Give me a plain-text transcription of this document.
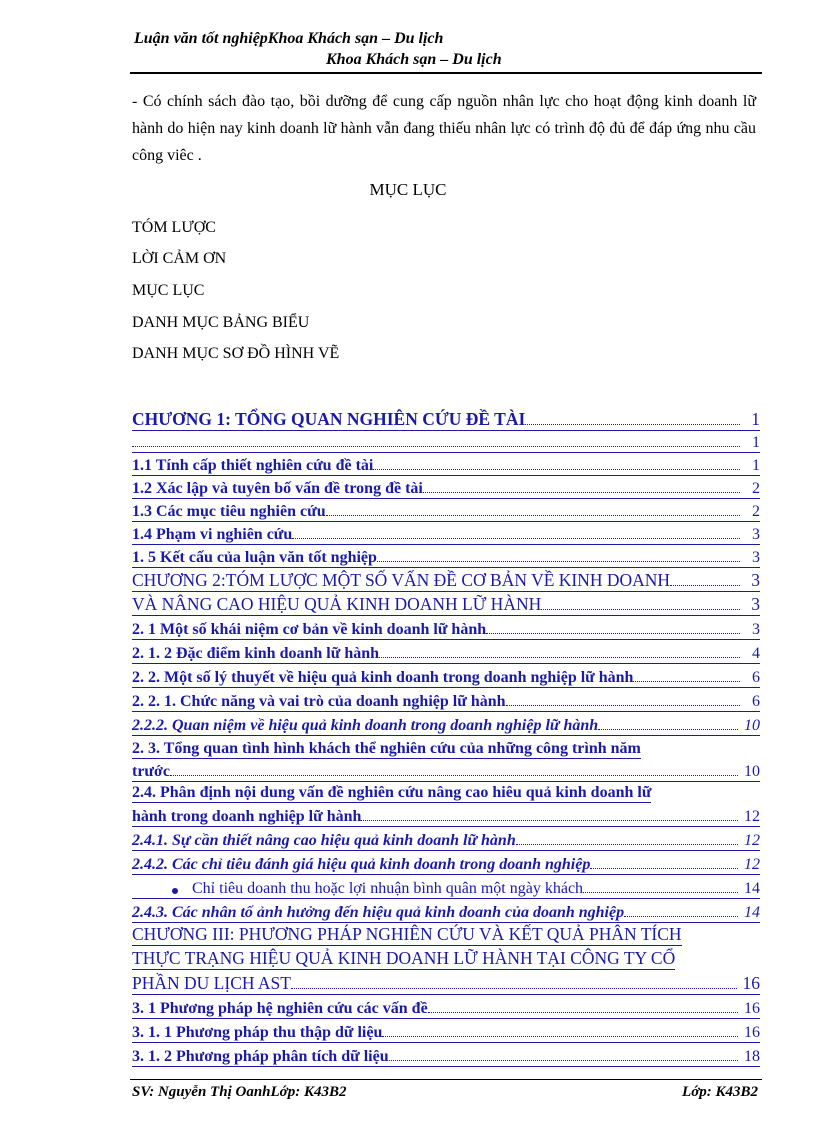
Luận văn tốt nghiệpKhoa Khách sạn – Du lịch
Khoa Khách sạn – Du lịch
- Có chính sách đào tạo, bồi dưỡng để cung cấp nguồn nhân lực cho hoạt động kinh doanh lữ hành do hiện nay kinh doanh lữ hành vẫn đang thiếu nhân lực có trình độ đủ để đáp ứng nhu cầu công viêc .
MỤC LỤC
TÓM LƯỢC
LỜI CẢM ƠN
MỤC LỤC
DANH MỤC BẢNG BIỂU
DANH MỤC SƠ ĐỒ HÌNH VẼ
CHƯƠNG 1: TỔNG QUAN NGHIÊN CỨU ĐỀ TÀI	1
1
1.1 Tính cấp thiết nghiên cứu đề tài	1
1.2 Xác lập và tuyên bố vấn đề trong đề tài	2
1.3 Các mục tiêu nghiên cứu	2
1.4 Phạm vi nghiên cứu	3
1. 5 Kết cấu của luận văn tốt nghiệp	3
CHƯƠNG 2:TÓM LƯỢC MỘT SỐ VẤN ĐỀ CƠ BẢN VỀ KINH DOANH	3
VÀ NÂNG CAO HIỆU QUẢ KINH DOANH LỮ HÀNH	3
2. 1 Một số khái niệm cơ bản về kinh doanh lữ hành	3
2. 1. 2 Đặc điểm kinh doanh lữ hành	4
2. 2. Một số lý thuyết về hiệu quả kinh doanh trong doanh nghiệp lữ hành	6
2. 2. 1. Chức năng và vai trò của doanh nghiệp lữ hành	6
2.2.2. Quan niệm về hiệu quả kinh doanh trong doanh nghiệp lữ hành	10
2. 3. Tổng quan tình hình khách thể nghiên cứu của những công trình năm
trước	10
2.4. Phân định nội dung vấn đề nghiên cứu nâng cao hiêu quả kinh doanh lữ
hành trong doanh nghiệp lữ hành	12
2.4.1. Sự cần thiết nâng cao hiệu quả kinh doanh lữ hành	12
2.4.2. Các chỉ tiêu đánh giá hiệu quả kinh doanh trong doanh nghiệp	12
Chỉ tiêu doanh thu hoặc lợi nhuận bình quân một ngày khách	14
2.4.3. Các nhân tố ảnh hưởng đến hiệu quả kinh doanh của doanh nghiệp	14
CHƯƠNG III: PHƯƠNG PHÁP NGHIÊN CỨU VÀ KẾT QUẢ PHÂN TÍCH
THỰC TRẠNG HIỆU QUẢ KINH DOANH LỮ HÀNH TẠI CÔNG TY CỔ
PHẦN DU LỊCH AST	16
3. 1 Phương pháp hệ nghiên cứu các vấn đề	16
3. 1. 1 Phương pháp thu thập dữ liệu	16
3. 1. 2 Phương pháp phân tích dữ liệu	18
SV: Nguyễn Thị OanhLớp: K43B2	Lớp: K43B2
